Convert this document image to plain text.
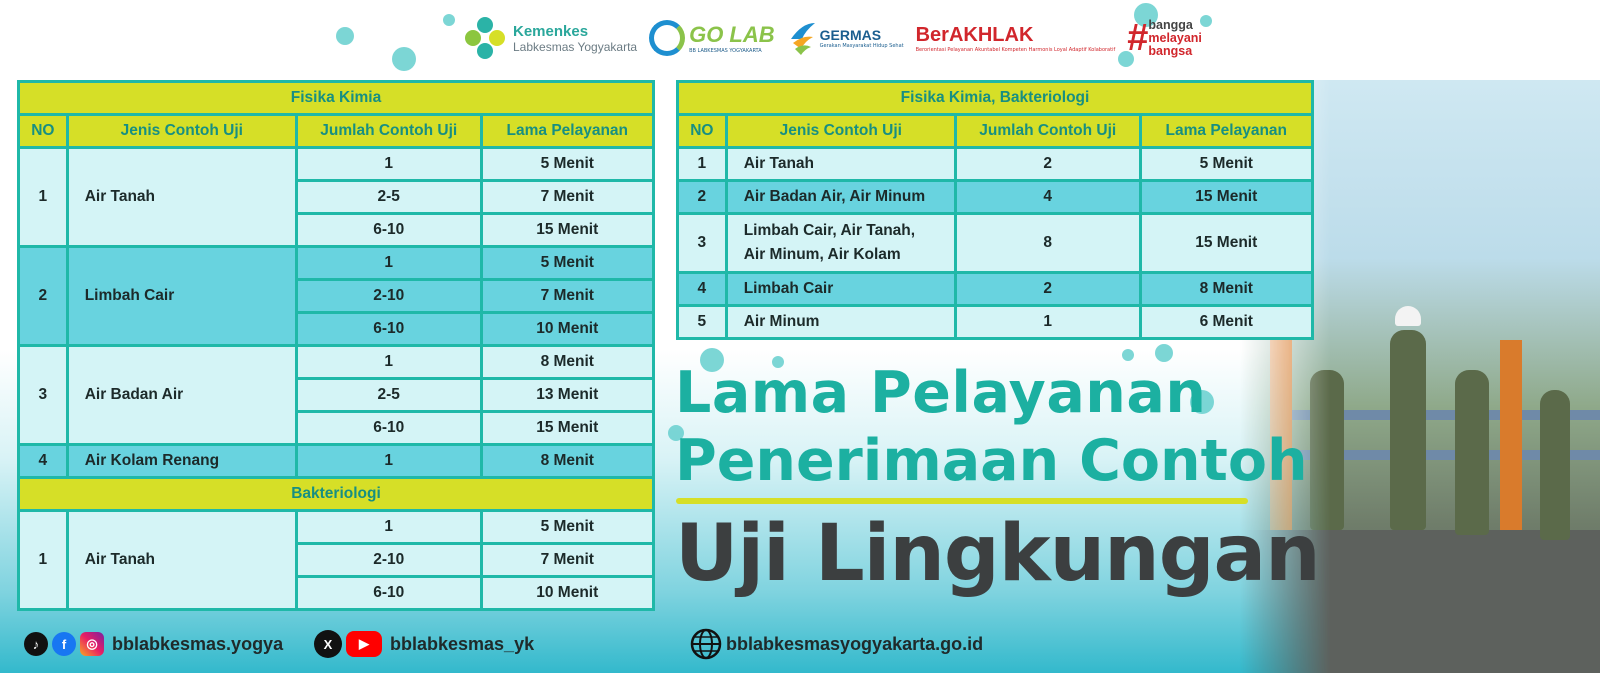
Kemenkes
Labkesmas Yogyakarta GO LAB
BB LABKESMAS YOGYAKARTA
GERMAS
Gerakan Masyarakat Hidup Sehat
BerAKHLAK
Berorientasi Pelayanan Akuntabel Kompeten Harmonis Loyal Adaptif Kolaboratif # bangga
melayani
bangsa
Fisika Kimia			
NO	Jenis Contoh Uji	Jumlah Contoh Uji	Lama Pelayanan
1	Air Tanah	1	5 Menit
		2-5	7 Menit
		6-10	15 Menit
2	Limbah Cair	1	5 Menit
		2-10	7 Menit
		6-10	10 Menit
3	Air Badan Air	1	8 Menit
		2-5	13 Menit
		6-10	15 Menit
4	Air Kolam Renang	1	8 Menit
Bakteriologi			
1	Air Tanah	1	5 Menit
		2-10	7 Menit
		6-10	10 Menit
Fisika Kimia, Bakteriologi			
NO	Jenis Contoh Uji	Jumlah Contoh Uji	Lama Pelayanan
1	Air Tanah	2	5 Menit
2	Air Badan Air, Air Minum	4	15 Menit
3	Limbah Cair, Air Tanah,
Air Minum, Air Kolam	8	15 Menit
4	Limbah Cair	2	8 Menit
5	Air Minum	1	6 Menit
Lama Pelayanan
Penerimaan Contoh
Uji Lingkungan
♪	f	◎ bblabkesmas.yogya	X	▶	bblabkesmas_yk	bblabkesmasyogyakarta.go.id
